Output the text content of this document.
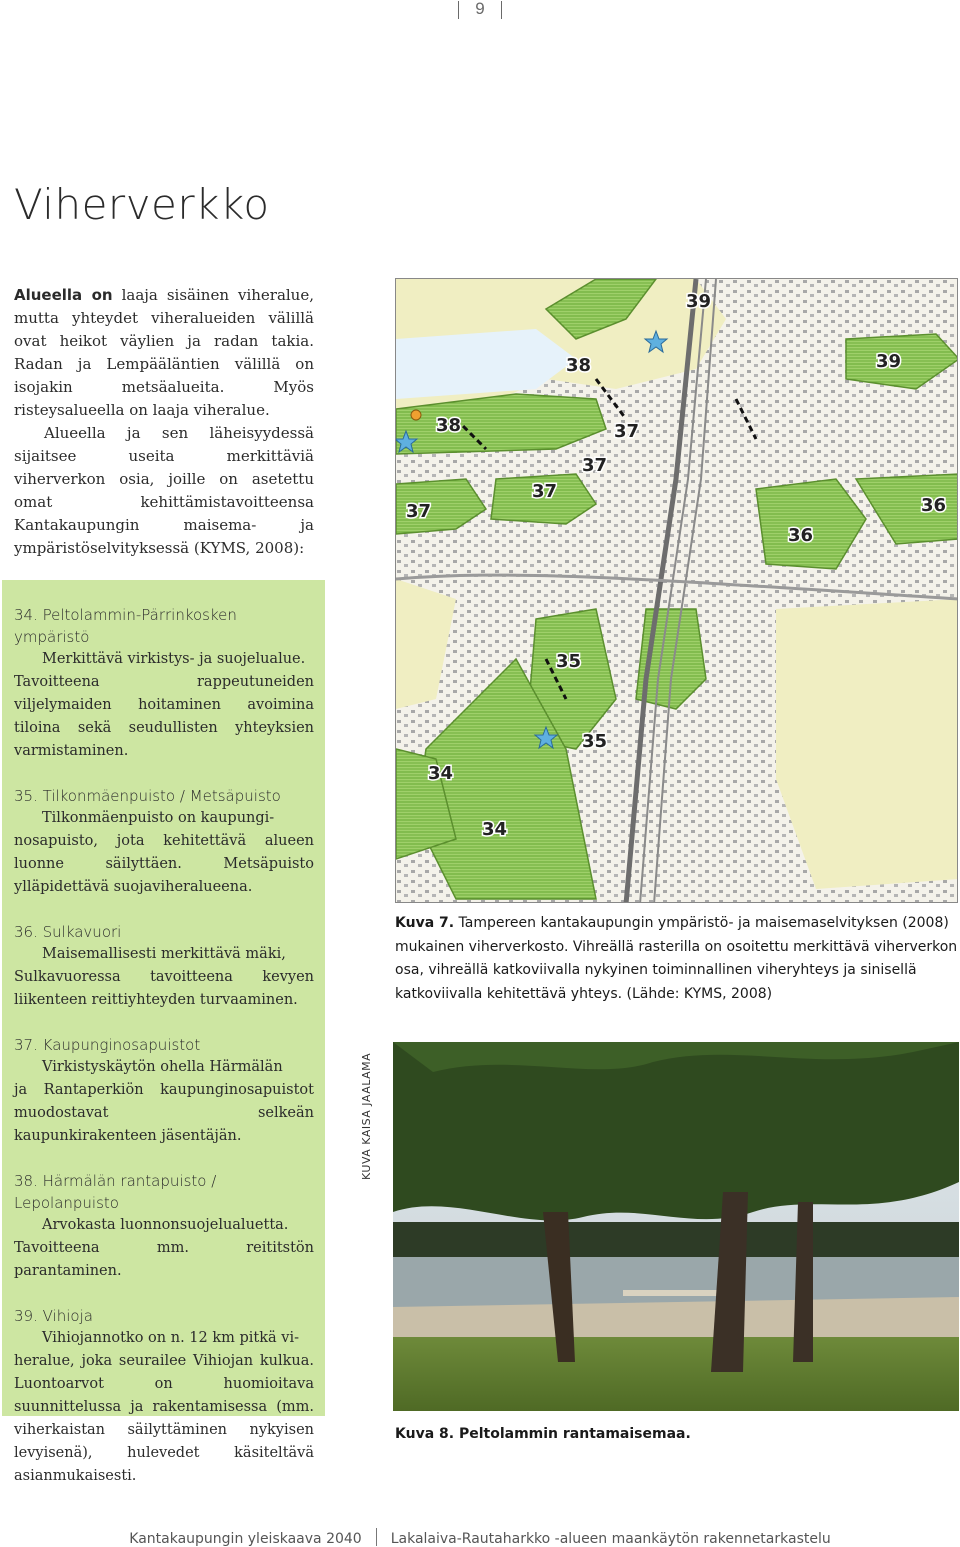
9
Viherverkko

Alueella on laaja sisäinen viheralue, mutta yhteydet viheralueiden välillä ovat heikot väylien ja radan takia. Radan ja Lempääläntien välillä on isojakin metsäalueita. Myös risteysalueella on laaja viheralue.

Alueella ja sen läheisyydessä sijaitsee useita merkittäviä viherverkon osia, joille on asetettu omat kehittämistavoitteensa Kantakaupungin maisema- ja ympäristöselvityksessä (KYMS, 2008):

34. Peltolammin-Pärrinkosken ympäristö
Merkittävä virkistys- ja suojelualue.
Tavoitteena rappeutuneiden viljelymaiden hoitaminen avoimina tiloina sekä seudullisten yhteyksien varmistaminen.
35. Tilkonmäenpuisto / Metsäpuisto
Tilkonmäenpuisto on kaupungi-
nosapuisto, jota kehitettävä alueen luonne säilyttäen. Metsäpuisto ylläpidettävä suojaviheralueena.
36. Sulkavuori
Maisemallisesti merkittävä mäki,
Sulkavuoressa tavoitteena kevyen liikenteen reittiyhteyden turvaaminen.
37. Kaupunginosapuistot
Virkistyskäytön ohella Härmälän
ja Rantaperkiön kaupunginosapuistot muodostavat selkeän kaupunkirakenteen jäsentäjän.
38. Härmälän rantapuisto / Lepolanpuisto
Arvokasta luonnonsuojelualuetta.
Tavoitteena mm. reititstön parantaminen.
39. Vihioja
Vihiojannotko on n. 12 km pitkä vi-
heralue, joka seurailee Vihiojan kulkua. Luontoarvot on huomioitava suunnittelussa ja rakentamisessa (mm. viherkaistan säilyttäminen nykyisen levyisenä), hulevedet käsiteltävä asianmukaisesti.
39
39
38
38	37
37
37
37	36
36
35
35
34
34
Kuva 7. Tampereen kantakaupungin ympäristö- ja maisemaselvityksen (2008) mukainen viherverkosto. Vihreällä rasterilla on osoitettu merkittävä viherverkon osa, vihreällä katkoviivalla nykyinen toiminnallinen viheryhteys ja sinisellä katkoviivalla kehitettävä yhteys. (Lähde: KYMS, 2008)
KUVA KAISA JAALAMA
Kuva 8. Peltolammin rantamaisemaa.
Kantakaupungin yleiskaava 2040 Lakalaiva-Rautaharkko -alueen maankäytön rakennetarkastelu
